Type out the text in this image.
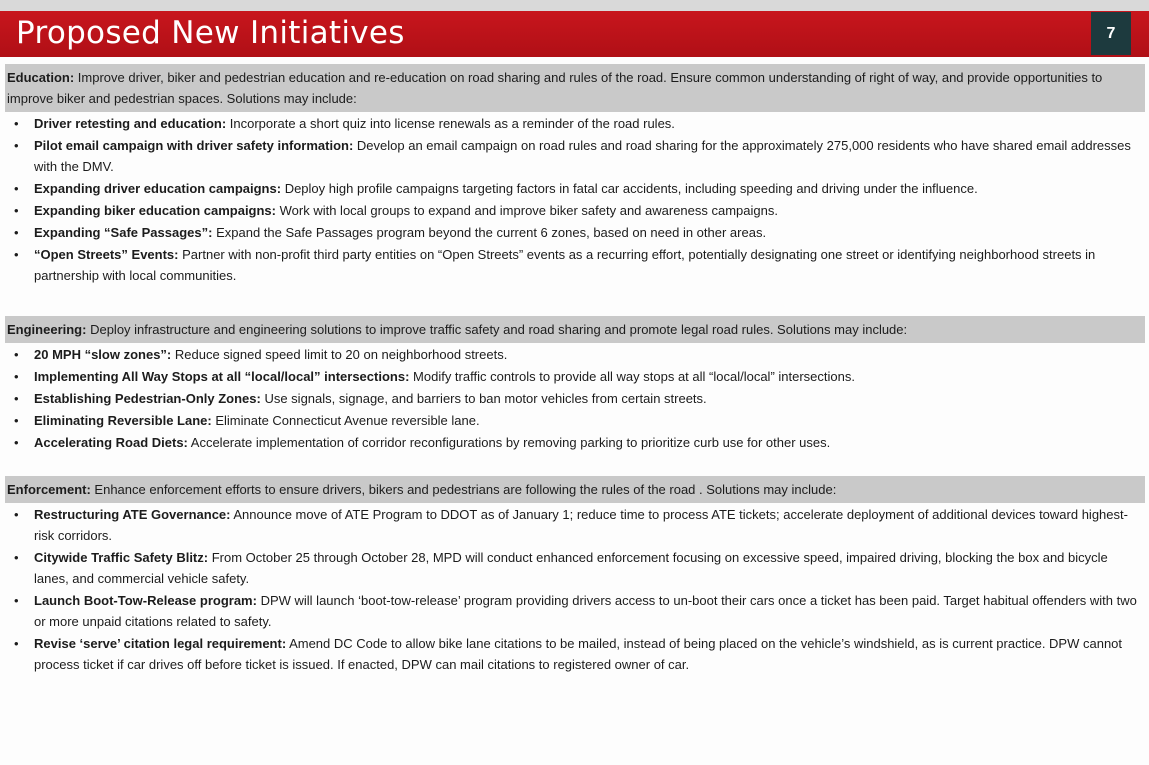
Proposed New Initiatives	7
Education: Improve driver, biker and pedestrian education and re-education on road sharing and rules of the road. Ensure common understanding of right of way, and provide opportunities to improve biker and pedestrian spaces. Solutions may include:
• Driver retesting and education: Incorporate a short quiz into license renewals as a reminder of the road rules.
• Pilot email campaign with driver safety information: Develop an email campaign on road rules and road sharing for the approximately 275,000 residents who have shared email addresses with the DMV.
• Expanding driver education campaigns: Deploy high profile campaigns targeting factors in fatal car accidents, including speeding and driving under the influence.
• Expanding biker education campaigns: Work with local groups to expand and improve biker safety and awareness campaigns.
• Expanding “Safe Passages”: Expand the Safe Passages program beyond the current 6 zones, based on need in other areas.
• “Open Streets” Events: Partner with non-profit third party entities on “Open Streets” events as a recurring effort, potentially designating one street or identifying neighborhood streets in partnership with local communities.
Engineering: Deploy infrastructure and engineering solutions to improve traffic safety and road sharing and promote legal road rules. Solutions may include:
• 20 MPH “slow zones”: Reduce signed speed limit to 20 on neighborhood streets.
• Implementing All Way Stops at all “local/local” intersections: Modify traffic controls to provide all way stops at all “local/local” intersections.
• Establishing Pedestrian-Only Zones: Use signals, signage, and barriers to ban motor vehicles from certain streets.
• Eliminating Reversible Lane: Eliminate Connecticut Avenue reversible lane.
• Accelerating Road Diets: Accelerate implementation of corridor reconfigurations by removing parking to prioritize curb use for other uses.
Enforcement: Enhance enforcement efforts to ensure drivers, bikers and pedestrians are following the rules of the road . Solutions may include:
• Restructuring ATE Governance: Announce move of ATE Program to DDOT as of January 1; reduce time to process ATE tickets; accelerate deployment of additional devices toward highest-risk corridors.
• Citywide Traffic Safety Blitz: From October 25 through October 28, MPD will conduct enhanced enforcement focusing on excessive speed, impaired driving, blocking the box and bicycle lanes, and commercial vehicle safety.
• Launch Boot-Tow-Release program: DPW will launch ‘boot-tow-release’ program providing drivers access to un-boot their cars once a ticket has been paid. Target habitual offenders with two or more unpaid citations related to safety.
• Revise ‘serve’ citation legal requirement: Amend DC Code to allow bike lane citations to be mailed, instead of being placed on the vehicle’s windshield, as is current practice. DPW cannot process ticket if car drives off before ticket is issued. If enacted, DPW can mail citations to registered owner of car.
